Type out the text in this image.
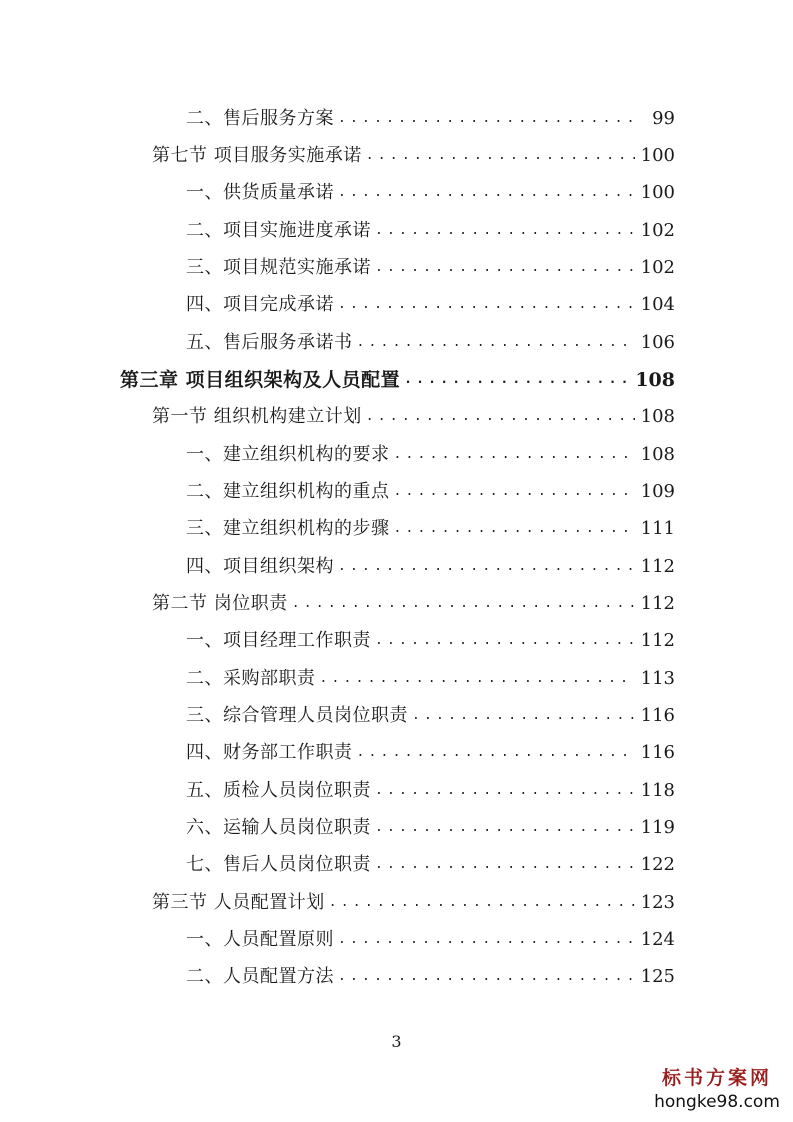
二、售后服务方案 .....	99
第七节 项目服务实施承诺 .....	100
一、供货质量承诺 .....	100
二、项目实施进度承诺 .....	102
三、项目规范实施承诺 .....	102
四、项目完成承诺 .....	104
五、售后服务承诺书 .....	106
第三章 项目组织架构及人员配置 .....	108
第一节 组织机构建立计划 .....	108
一、建立组织机构的要求 .....	108
二、建立组织机构的重点 .....	109
三、建立组织机构的步骤 .....	111
四、项目组织架构 .....	112
第二节 岗位职责 .....	112
一、项目经理工作职责 .....	112
二、采购部职责 .....	113
三、综合管理人员岗位职责 .....	116
四、财务部工作职责 .....	116
五、质检人员岗位职责 .....	118
六、运输人员岗位职责 .....	119
七、售后人员岗位职责 .....	122
第三节 人员配置计划 .....	123
一、人员配置原则 .....	124
二、人员配置方法 .....	125
3
标书方案网
hongke98.com
